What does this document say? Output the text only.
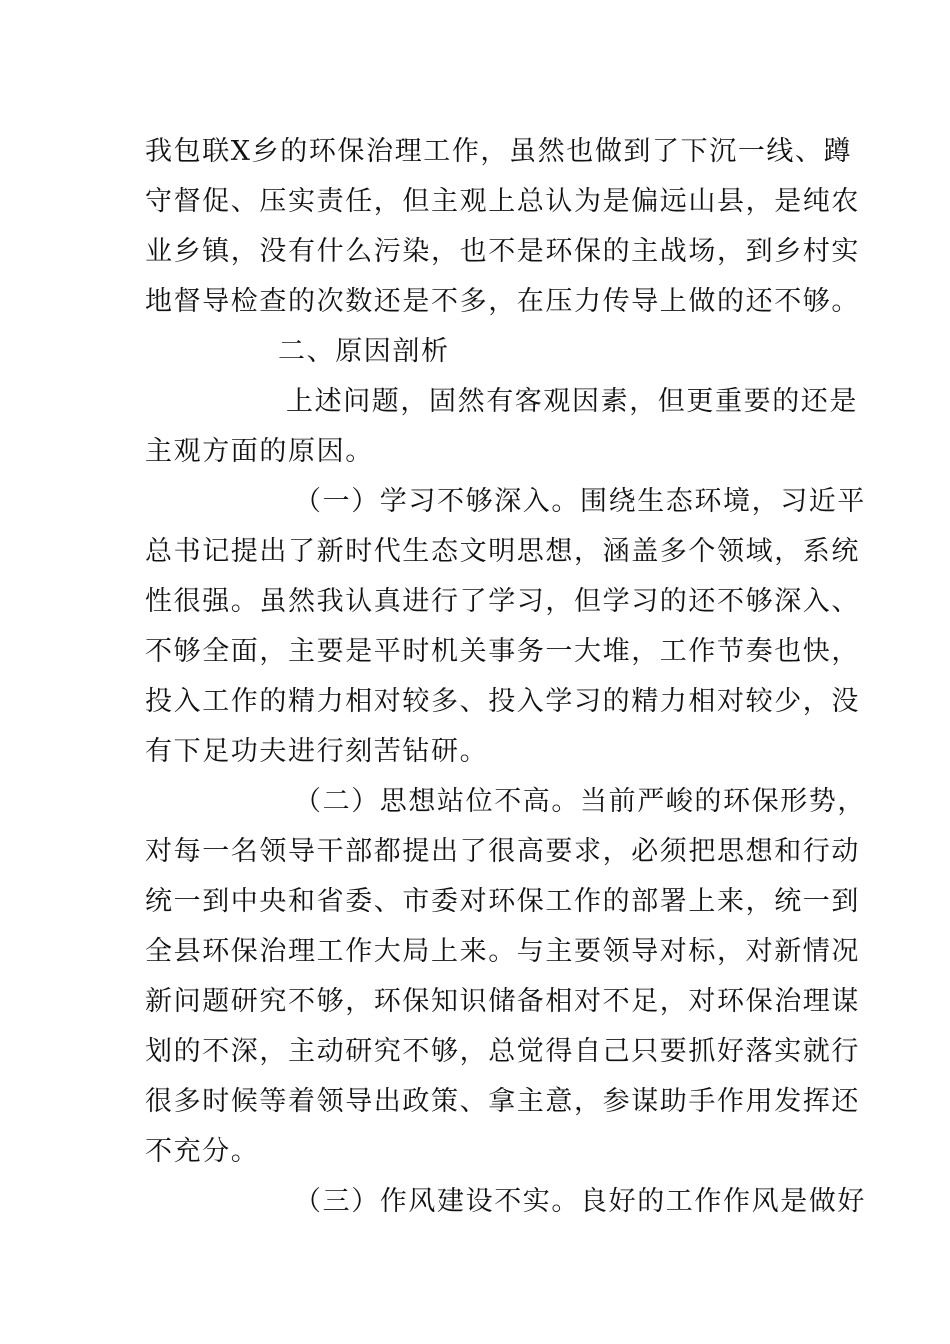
我包联X乡的环保治理工作，虽然也做到了下沉一线、蹲
守督促、压实责任，但主观上总认为是偏远山县，是纯农
业乡镇，没有什么污染，也不是环保的主战场，到乡村实
地督导检查的次数还是不多，在压力传导上做的还不够。
二、原因剖析
上述问题，固然有客观因素，但更重要的还是
主观方面的原因。
（一）学习不够深入。围绕生态环境，习近平
总书记提出了新时代生态文明思想，涵盖多个领域，系统
性很强。虽然我认真进行了学习，但学习的还不够深入、
不够全面，主要是平时机关事务一大堆，工作节奏也快，
投入工作的精力相对较多、投入学习的精力相对较少，没
有下足功夫进行刻苦钻研。
（二）思想站位不高。当前严峻的环保形势，
对每一名领导干部都提出了很高要求，必须把思想和行动
统一到中央和省委、市委对环保工作的部署上来，统一到
全县环保治理工作大局上来。与主要领导对标，对新情况
新问题研究不够，环保知识储备相对不足，对环保治理谋
划的不深，主动研究不够，总觉得自己只要抓好落实就行
很多时候等着领导出政策、拿主意，参谋助手作用发挥还
不充分。
（三）作风建设不实。良好的工作作风是做好
